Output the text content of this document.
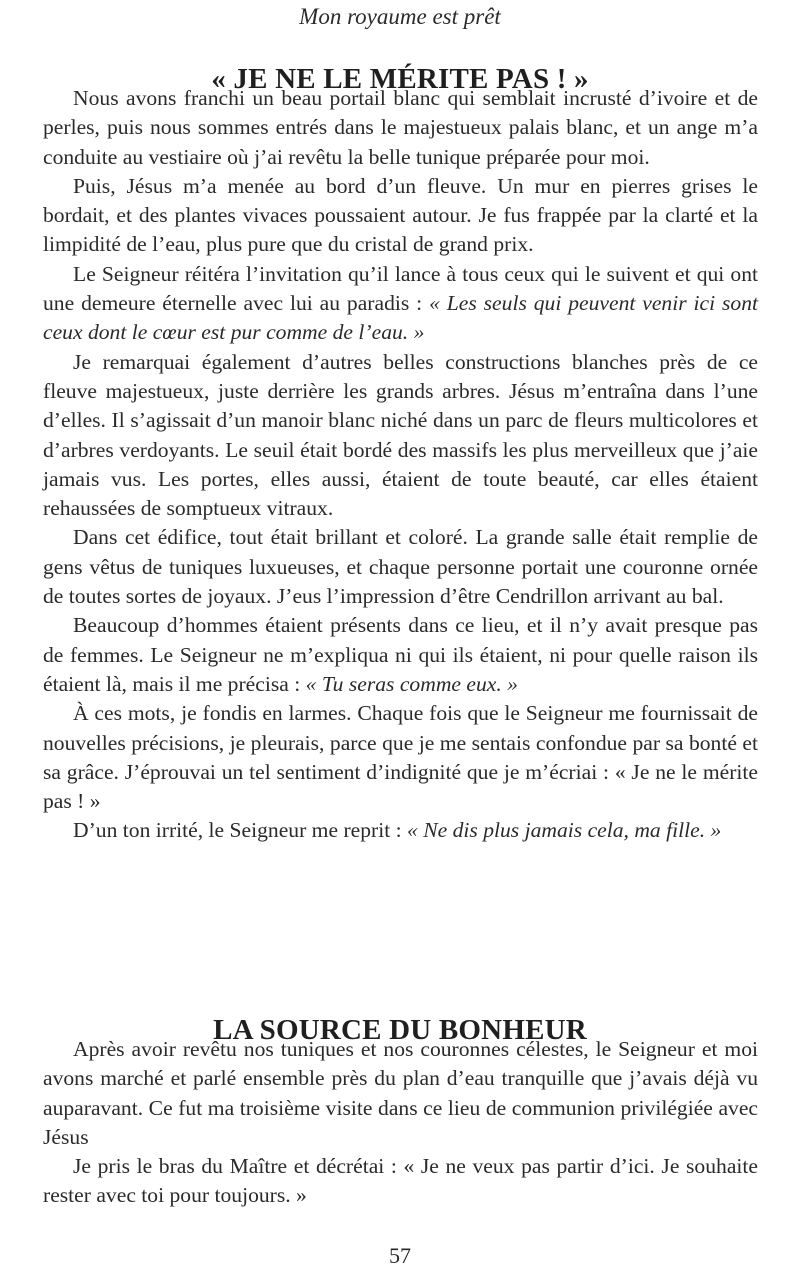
Mon royaume est prêt
« JE NE LE MÉRITE PAS ! »

Nous avons franchi un beau portail blanc qui semblait incrusté d’ivoire et de perles, puis nous sommes entrés dans le majestueux palais blanc, et un ange m’a conduite au vestiaire où j’ai revêtu la belle tunique préparée pour moi.

Puis, Jésus m’a menée au bord d’un fleuve. Un mur en pierres grises le bordait, et des plantes vivaces poussaient autour. Je fus frappée par la clarté et la limpidité de l’eau, plus pure que du cristal de grand prix.

Le Seigneur réitéra l’invitation qu’il lance à tous ceux qui le suivent et qui ont une demeure éternelle avec lui au paradis : « Les seuls qui peuvent venir ici sont ceux dont le cœur est pur comme de l’eau. »

Je remarquai également d’autres belles constructions blanches près de ce fleuve majestueux, juste derrière les grands arbres. Jésus m’entraîna dans l’une d’elles. Il s’agissait d’un manoir blanc niché dans un parc de fleurs multicolores et d’arbres verdoyants. Le seuil était bordé des massifs les plus merveilleux que j’aie jamais vus. Les portes, elles aussi, étaient de toute beauté, car elles étaient rehaussées de somptueux vitraux.

Dans cet édifice, tout était brillant et coloré. La grande salle était remplie de gens vêtus de tuniques luxueuses, et chaque personne portait une couronne ornée de toutes sortes de joyaux. J’eus l’impression d’être Cendrillon arrivant au bal.

Beaucoup d’hommes étaient présents dans ce lieu, et il n’y avait presque pas de femmes. Le Seigneur ne m’expliqua ni qui ils étaient, ni pour quelle raison ils étaient là, mais il me précisa : « Tu seras comme eux. »

À ces mots, je fondis en larmes. Chaque fois que le Seigneur me fournissait de nouvelles précisions, je pleurais, parce que je me sentais confondue par sa bonté et sa grâce. J’éprouvai un tel sentiment d’indignité que je m’écriai : « Je ne le mérite pas ! »

D’un ton irrité, le Seigneur me reprit : « Ne dis plus jamais cela, ma fille. »

LA SOURCE DU BONHEUR

Après avoir revêtu nos tuniques et nos couronnes célestes, le Seigneur et moi avons marché et parlé ensemble près du plan d’eau tranquille que j’avais déjà vu auparavant. Ce fut ma troisième visite dans ce lieu de communion privilégiée avec Jésus

Je pris le bras du Maître et décrétai : « Je ne veux pas partir d’ici. Je souhaite rester avec toi pour toujours. »

57
